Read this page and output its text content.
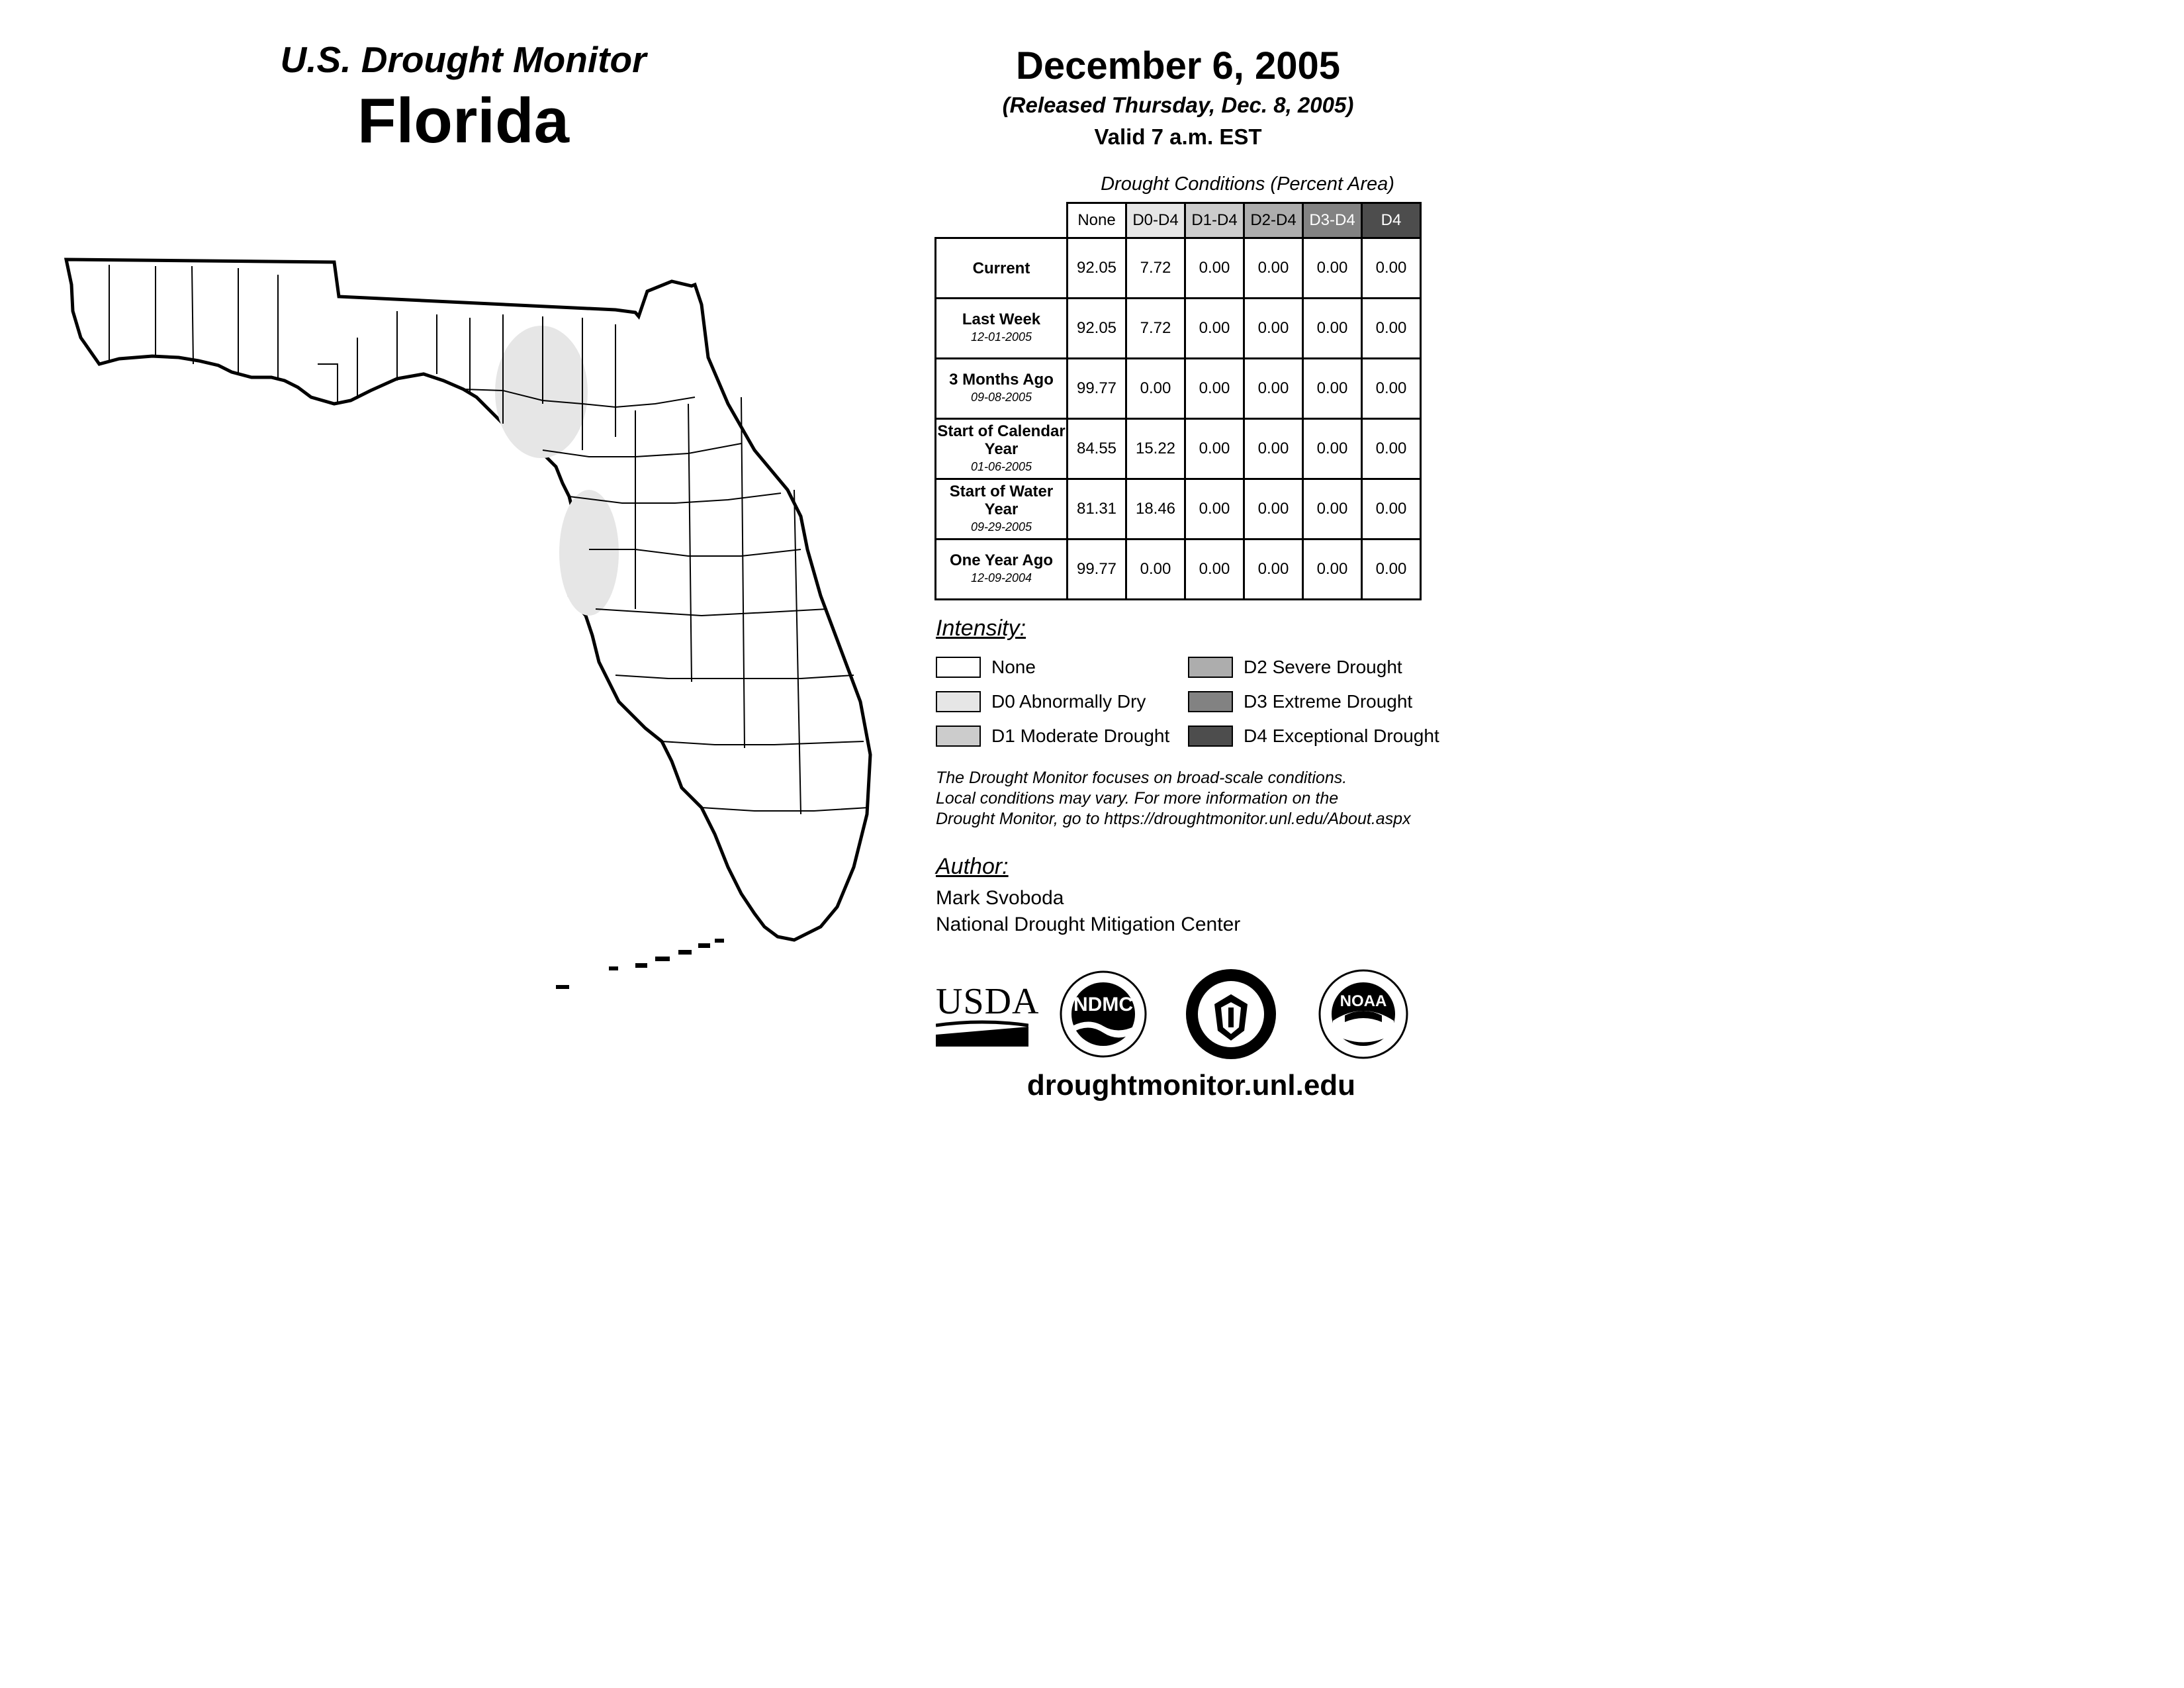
U.S. Drought Monitor
Florida
December 6, 2005
(Released Thursday, Dec. 8, 2005)
Valid 7 a.m. EST
Drought Conditions (Percent Area)
	None	D0-D4	D1-D4	D2-D4	D3-D4	D4
Current	92.05	7.72	0.00	0.00	0.00	0.00
Last Week
12-01-2005	92.05	7.72	0.00	0.00	0.00	0.00
3 Months Ago
09-08-2005	99.77	0.00	0.00	0.00	0.00	0.00
Start of Calendar Year
01-06-2005	84.55	15.22	0.00	0.00	0.00	0.00
Start of Water Year
09-29-2005	81.31	18.46	0.00	0.00	0.00	0.00
One Year Ago
12-09-2004	99.77	0.00	0.00	0.00	0.00	0.00
Intensity:
None
D0 Abnormally Dry
D1 Moderate Drought
D2 Severe Drought
D3 Extreme Drought
D4 Exceptional Drought
The Drought Monitor focuses on broad-scale conditions.
Local conditions may vary. For more information on the
Drought Monitor, go to https://droughtmonitor.unl.edu/About.aspx
Author:
Mark Svoboda
National Drought Mitigation Center
USDA NDMC	NOAA
droughtmonitor.unl.edu
